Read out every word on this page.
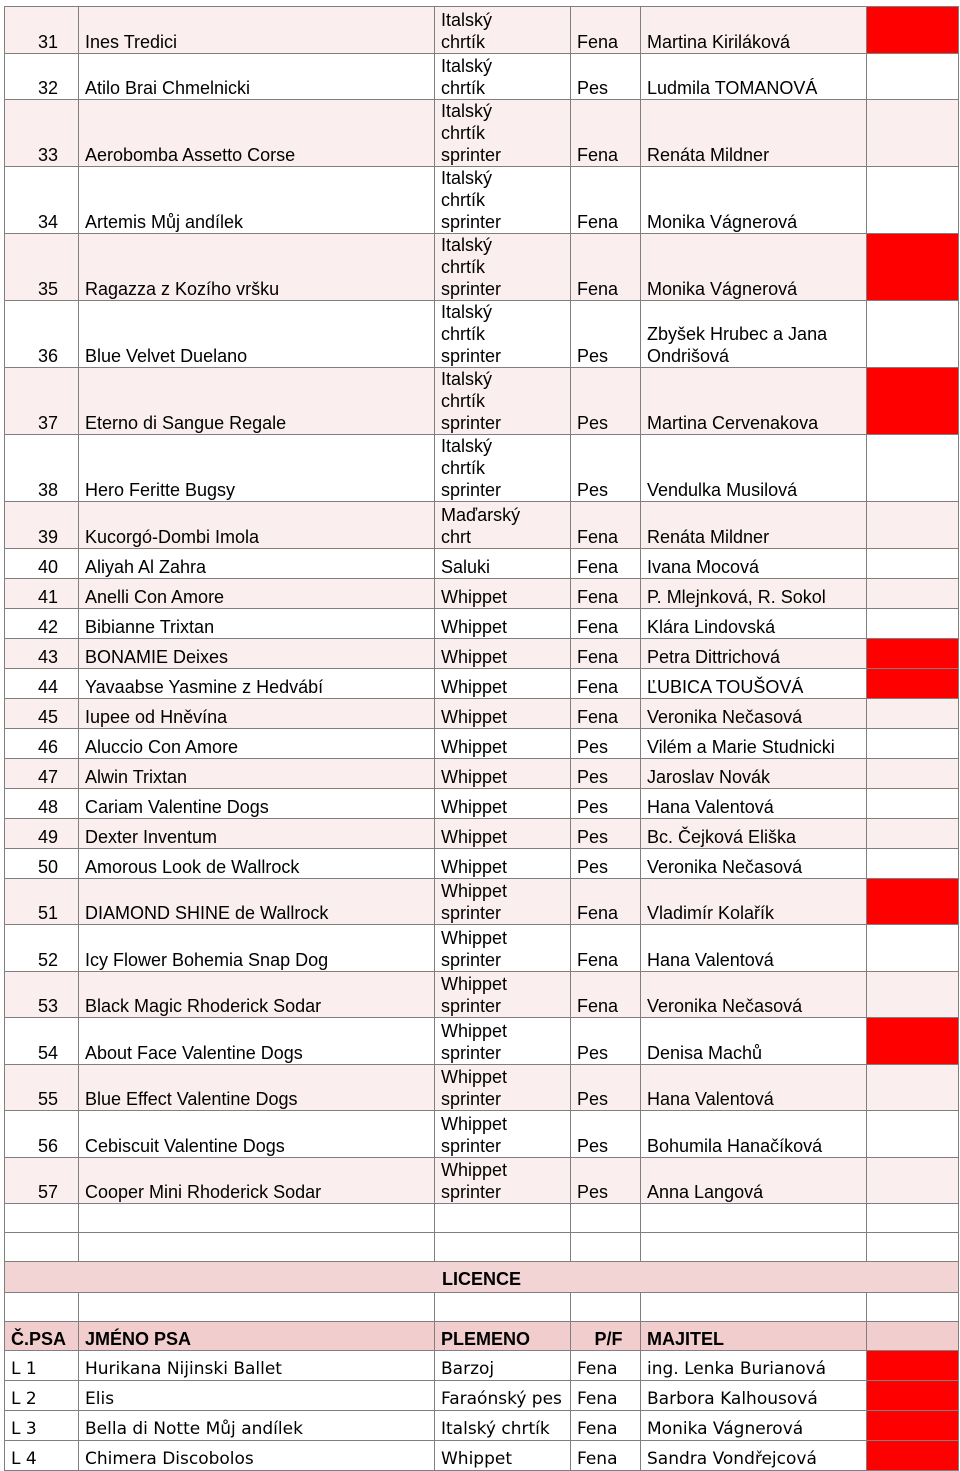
31	Ines Tredici	Italský chrtík	Fena	Martina Kiriláková	
32	Atilo Brai Chmelnicki	Italský chrtík	Pes	Ludmila TOMANOVÁ	
33	Aerobomba Assetto Corse	Italský chrtík sprinter	Fena	Renáta Mildner	
34	Artemis Můj andílek	Italský chrtík sprinter	Fena	Monika Vágnerová	
35	Ragazza z Kozího vršku	Italský chrtík sprinter	Fena	Monika Vágnerová	
36	Blue Velvet Duelano	Italský chrtík sprinter	Pes	Zbyšek Hrubec a Jana Ondrišová	
37	Eterno di Sangue Regale	Italský chrtík sprinter	Pes	Martina Cervenakova	
38	Hero Feritte Bugsy	Italský chrtík sprinter	Pes	Vendulka Musilová	
39	Kucorgó-Dombi Imola	Maďarský chrt	Fena	Renáta Mildner	
40	Aliyah Al Zahra	Saluki	Fena	Ivana Mocová	
41	Anelli Con Amore	Whippet	Fena	P. Mlejnková, R. Sokol	
42	Bibianne Trixtan	Whippet	Fena	Klára Lindovská	
43	BONAMIE Deixes	Whippet	Fena	Petra Dittrichová	
44	Yavaabse Yasmine z Hedvábí	Whippet	Fena	ĽUBICA TOUŠOVÁ	
45	Iupee od Hněvína	Whippet	Fena	Veronika Nečasová	
46	Aluccio Con Amore	Whippet	Pes	Vilém a Marie Studnicki	
47	Alwin Trixtan	Whippet	Pes	Jaroslav Novák	
48	Cariam Valentine Dogs	Whippet	Pes	Hana Valentová	
49	Dexter Inventum	Whippet	Pes	Bc. Čejková Eliška	
50	Amorous Look de Wallrock	Whippet	Pes	Veronika Nečasová	
51	DIAMOND SHINE de Wallrock	Whippet sprinter	Fena	Vladimír Kolařík	
52	Icy Flower Bohemia Snap Dog	Whippet sprinter	Fena	Hana Valentová	
53	Black Magic Rhoderick Sodar	Whippet sprinter	Fena	Veronika Nečasová	
54	About Face Valentine Dogs	Whippet sprinter	Pes	Denisa Machů	
55	Blue Effect Valentine Dogs	Whippet sprinter	Pes	Hana Valentová	
56	Cebiscuit Valentine Dogs	Whippet sprinter	Pes	Bohumila Hanačíková	
57	Cooper Mini Rhoderick Sodar	Whippet sprinter	Pes	Anna Langová	

LICENCE					

Č.PSA	JMÉNO PSA	PLEMENO	P/F	MAJITEL	
L 1	Hurikana Nijinski Ballet	Barzoj	Fena	ing. Lenka Burianová	
L 2	Elis	Faraónský pes	Fena	Barbora Kalhousová	
L 3	Bella di Notte Můj andílek	Italský chrtík	Fena	Monika Vágnerová	
L 4	Chimera Discobolos	Whippet	Fena	Sandra Vondřejcová	
